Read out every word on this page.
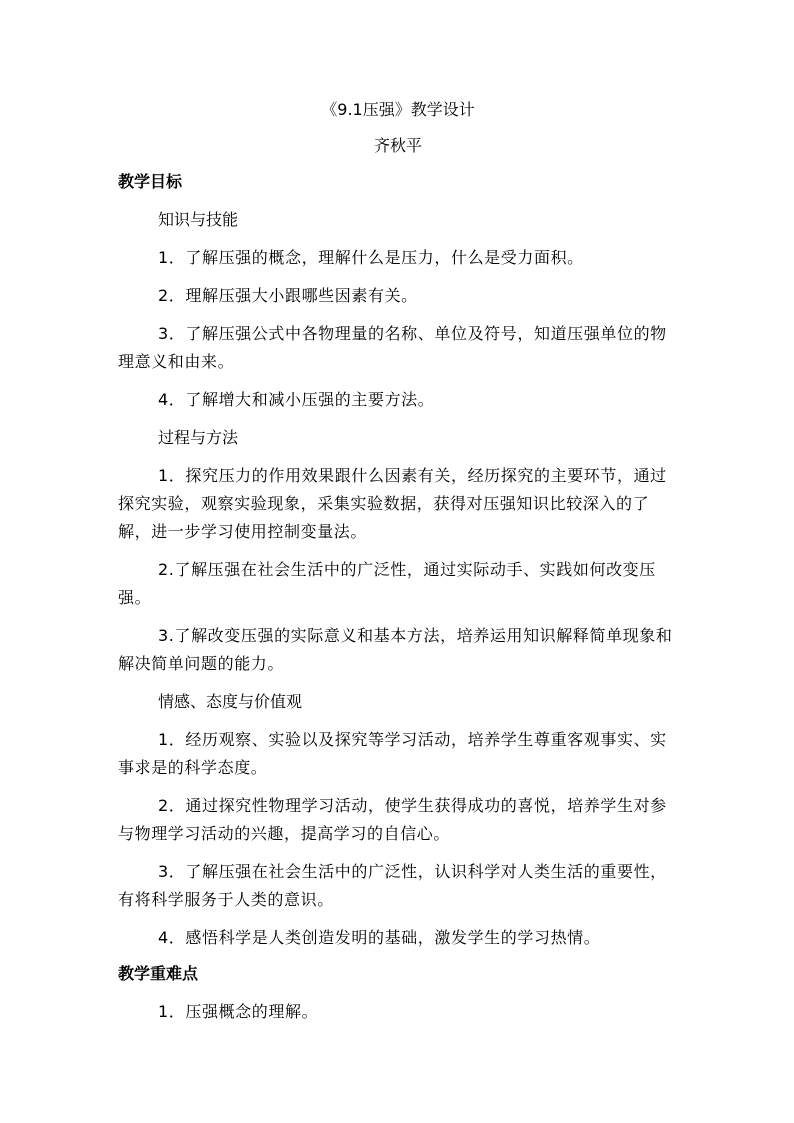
《9.1压强》教学设计

齐秋平

教学目标

知识与技能

1．了解压强的概念，理解什么是压力，什么是受力面积。

2．理解压强大小跟哪些因素有关。

3．了解压强公式中各物理量的名称、单位及符号，知道压强单位的物理意义和由来。

4．了解增大和减小压强的主要方法。

过程与方法

1．探究压力的作用效果跟什么因素有关，经历探究的主要环节，通过探究实验，观察实验现象，采集实验数据，获得对压强知识比较深入的了解，进一步学习使用控制变量法。

2.了解压强在社会生活中的广泛性，通过实际动手、实践如何改变压强。

3.了解改变压强的实际意义和基本方法，培养运用知识解释简单现象和解决简单问题的能力。

情感、态度与价值观

1．经历观察、实验以及探究等学习活动，培养学生尊重客观事实、实事求是的科学态度。

2．通过探究性物理学习活动，使学生获得成功的喜悦，培养学生对参与物理学习活动的兴趣，提高学习的自信心。

3．了解压强在社会生活中的广泛性，认识科学对人类生活的重要性，有将科学服务于人类的意识。

4．感悟科学是人类创造发明的基础，激发学生的学习热情。

教学重难点

1．压强概念的理解。
